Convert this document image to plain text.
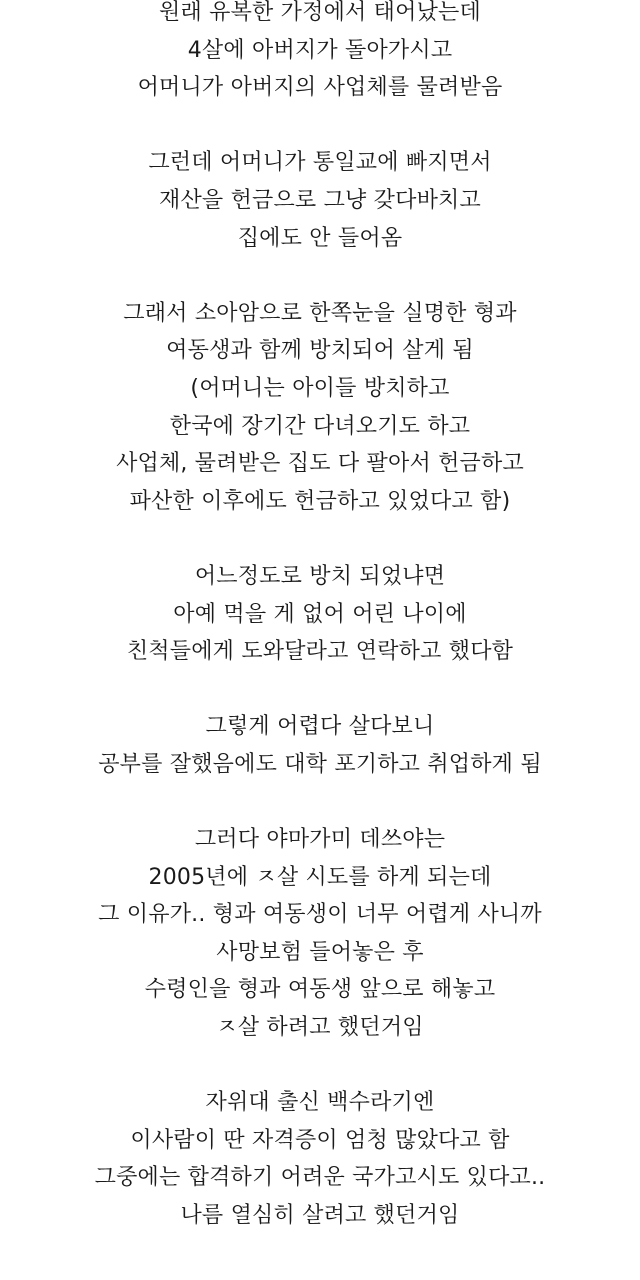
원래 유복한 가정에서 태어났는데
4살에 아버지가 돌아가시고
어머니가 아버지의 사업체를 물려받음
그런데 어머니가 통일교에 빠지면서
재산을 헌금으로 그냥 갖다바치고
집에도 안 들어옴
그래서 소아암으로 한쪽눈을 실명한 형과
여동생과 함께 방치되어 살게 됨
(어머니는 아이들 방치하고
한국에 장기간 다녀오기도 하고
사업체, 물려받은 집도 다 팔아서 헌금하고
파산한 이후에도 헌금하고 있었다고 함)
어느정도로 방치 되었냐면
아예 먹을 게 없어 어린 나이에
친척들에게 도와달라고 연락하고 했다함
그렇게 어렵다 살다보니
공부를 잘했음에도 대학 포기하고 취업하게 됨
그러다 야마가미 데쓰야는
2005년에 ㅈ살 시도를 하게 되는데
그 이유가.. 형과 여동생이 너무 어렵게 사니까
사망보험 들어놓은 후
수령인을 형과 여동생 앞으로 해놓고
ㅈ살 하려고 했던거임
자위대 출신 백수라기엔
이사람이 딴 자격증이 엄청 많았다고 함
그중에는 합격하기 어려운 국가고시도 있다고..
나름 열심히 살려고 했던거임
